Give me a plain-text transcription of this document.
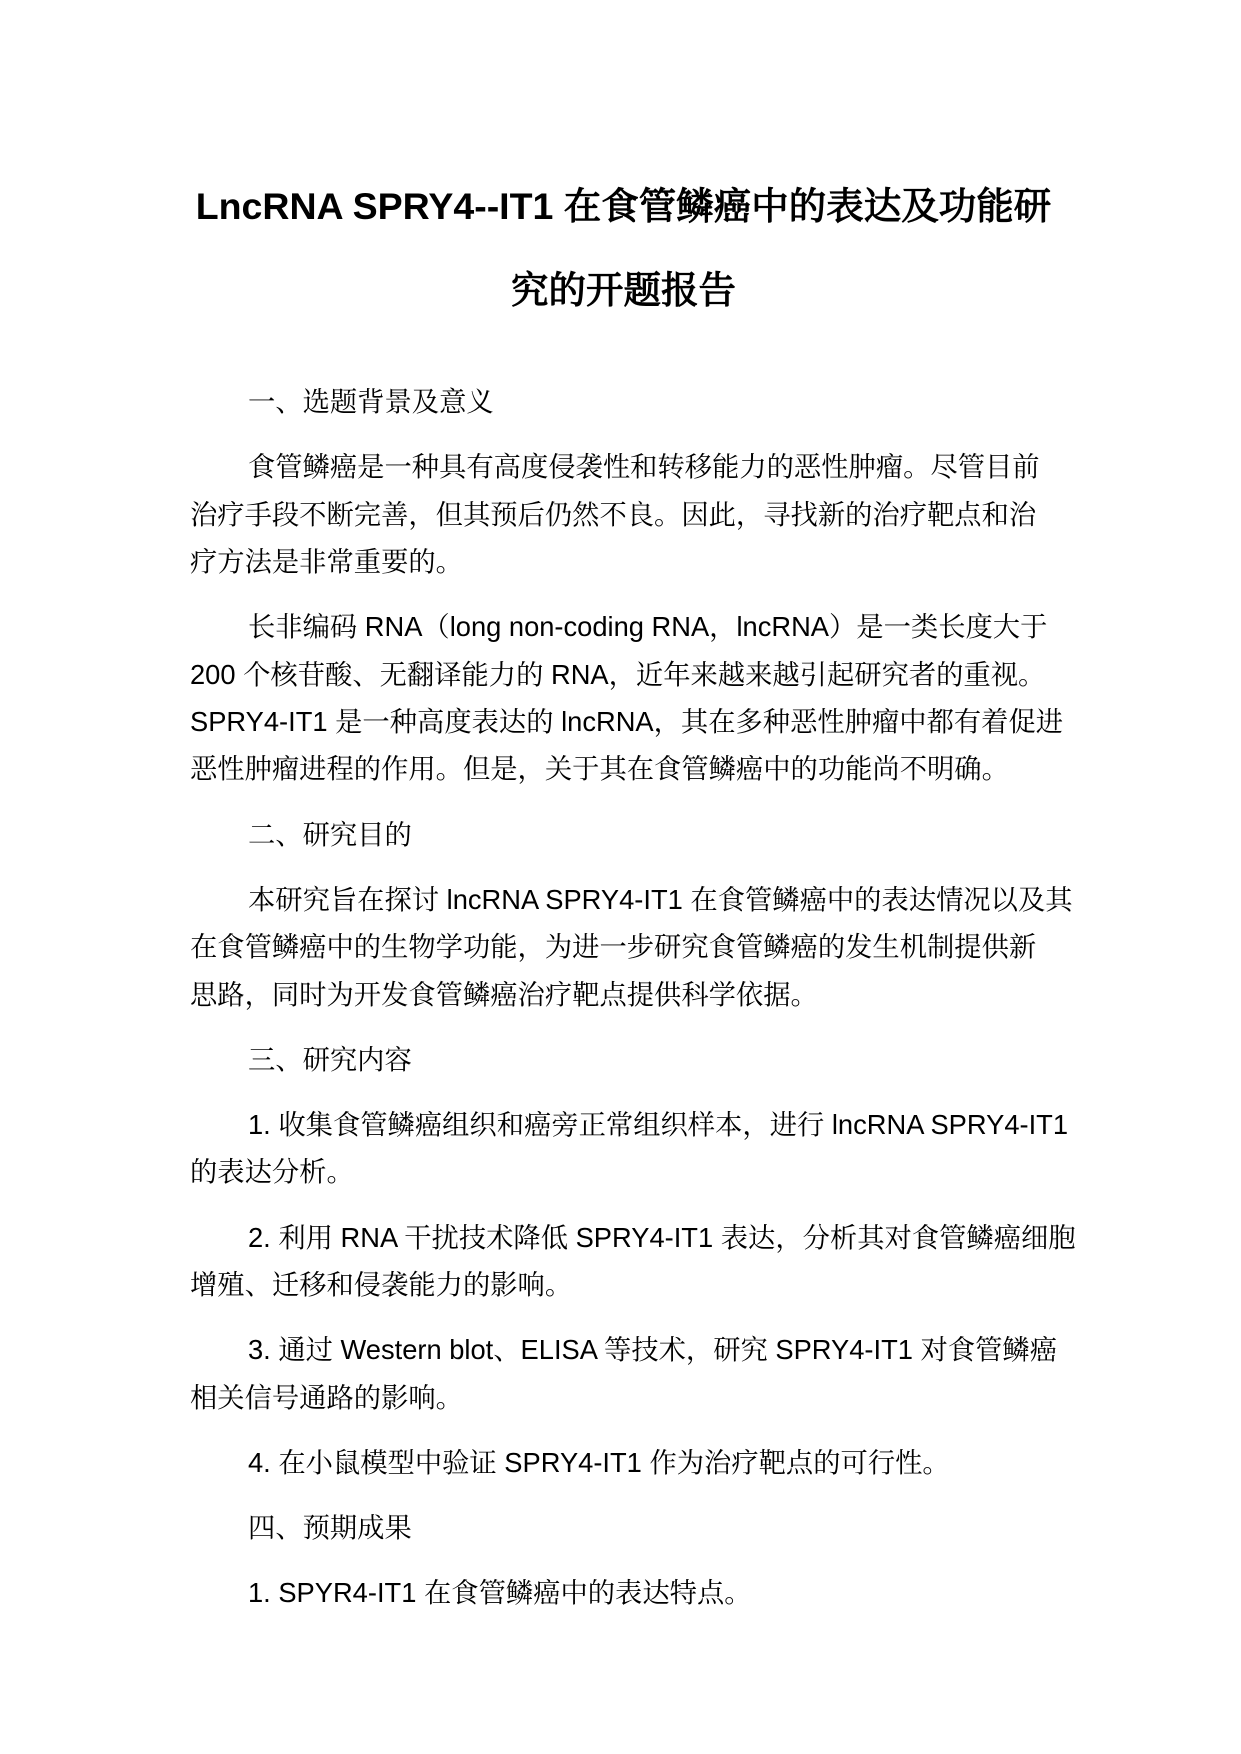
LncRNA SPRY4--IT1 在食管鳞癌中的表达及功能研
究的开题报告
一、选题背景及意义
食管鳞癌是一种具有高度侵袭性和转移能力的恶性肿瘤。尽管目前
治疗手段不断完善，但其预后仍然不良。因此，寻找新的治疗靶点和治
疗方法是非常重要的。
长非编码 RNA（long non-coding RNA，lncRNA）是一类长度大于
200 个核苷酸、无翻译能力的 RNA，近年来越来越引起研究者的重视。
SPRY4-IT1 是一种高度表达的 lncRNA，其在多种恶性肿瘤中都有着促进
恶性肿瘤进程的作用。但是，关于其在食管鳞癌中的功能尚不明确。
二、研究目的
本研究旨在探讨 lncRNA SPRY4-IT1 在食管鳞癌中的表达情况以及其
在食管鳞癌中的生物学功能，为进一步研究食管鳞癌的发生机制提供新
思路，同时为开发食管鳞癌治疗靶点提供科学依据。
三、研究内容
1. 收集食管鳞癌组织和癌旁正常组织样本，进行 lncRNA SPRY4-IT1
的表达分析。
2. 利用 RNA 干扰技术降低 SPRY4-IT1 表达，分析其对食管鳞癌细胞
增殖、迁移和侵袭能力的影响。
3. 通过 Western blot、ELISA 等技术，研究 SPRY4-IT1 对食管鳞癌
相关信号通路的影响。
4. 在小鼠模型中验证 SPRY4-IT1 作为治疗靶点的可行性。
四、预期成果
1. SPYR4-IT1 在食管鳞癌中的表达特点。
